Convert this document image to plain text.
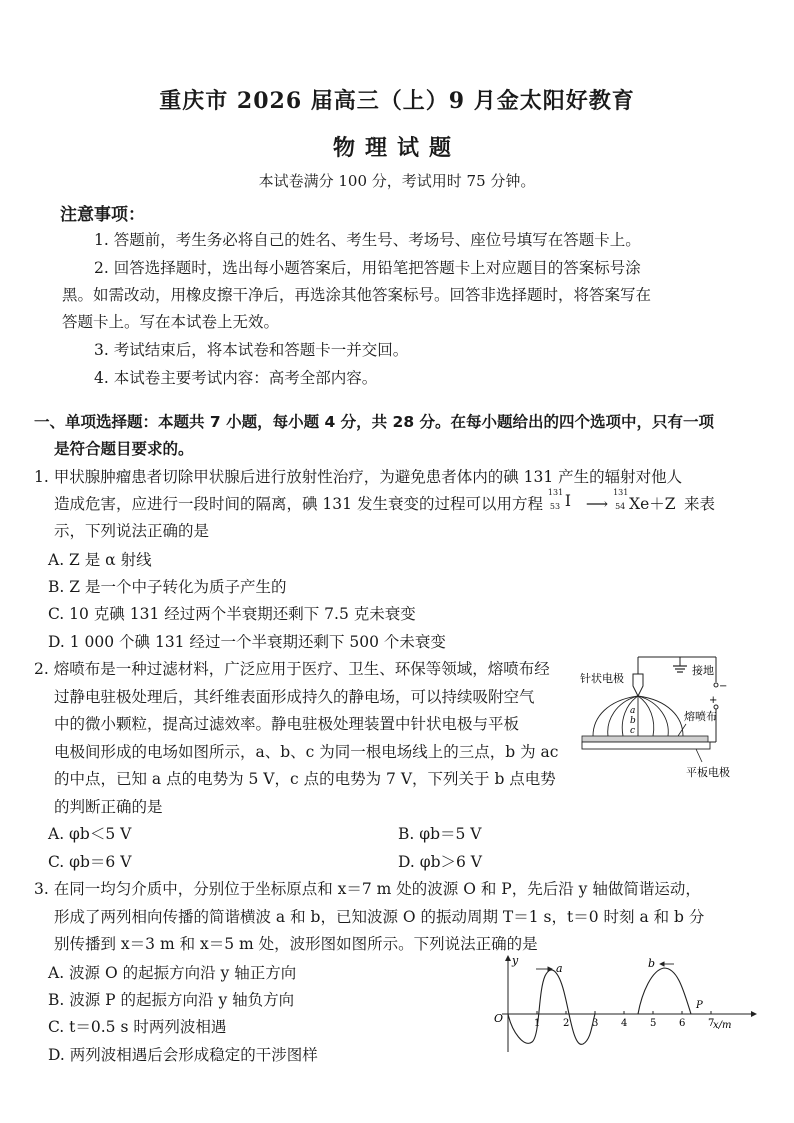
重庆市 2026 届高三（上）9 月金太阳好教育
物理试题
本试卷满分 100 分，考试用时 75 分钟。
注意事项：
1. 答题前，考生务必将自己的姓名、考生号、考场号、座位号填写在答题卡上。
2. 回答选择题时，选出每小题答案后，用铅笔把答题卡上对应题目的答案标号涂
黑。如需改动，用橡皮擦干净后，再选涂其他答案标号。回答非选择题时，将答案写在
答题卡上。写在本试卷上无效。
3. 考试结束后，将本试卷和答题卡一并交回。
4. 本试卷主要考试内容：高考全部内容。
一、单项选择题：本题共 7 小题，每小题 4 分，共 28 分。在每小题给出的四个选项中，只有一项
是符合题目要求的。
1. 甲状腺肿瘤患者切除甲状腺后进行放射性治疗，为避免患者体内的碘 131 产生的辐射对他人
造成危害，应进行一段时间的隔离，碘 131 发生衰变的过程可以用方程
131
53 I ⟶
131
54 Xe＋Z 来表
示，下列说法正确的是
A. Z 是 α 射线
B. Z 是一个中子转化为质子产生的
C. 10 克碘 131 经过两个半衰期还剩下 7.5 克未衰变
D. 1 000 个碘 131 经过一个半衰期还剩下 500 个未衰变
2. 熔喷布是一种过滤材料，广泛应用于医疗、卫生、环保等领域，熔喷布经
过静电驻极处理后，其纤维表面形成持久的静电场，可以持续吸附空气
中的微小颗粒，提高过滤效率。静电驻极处理装置中针状电极与平板
电极间形成的电场如图所示，a、b、c 为同一根电场线上的三点，b 为 ac
的中点，已知 a 点的电势为 5 V，c 点的电势为 7 V，下列关于 b 点电势
的判断正确的是
A. φb＜5 V	B. φb＝5 V
C. φb＝6 V	D. φb＞6 V
接地
−
+
针状电极
a
b
c
熔喷布
平板电极
3. 在同一均匀介质中，分别位于坐标原点和 x＝7 m 处的波源 O 和 P，先后沿 y 轴做简谐运动，
形成了两列相向传播的简谐横波 a 和 b，已知波源 O 的振动周期 T＝1 s，t＝0 时刻 a 和 b 分
别传播到 x＝3 m 和 x＝5 m 处，波形图如图所示。下列说法正确的是
A. 波源 O 的起振方向沿 y 轴正方向
B. 波源 P 的起振方向沿 y 轴负方向
C. t＝0.5 s 时两列波相遇
D. 两列波相遇后会形成稳定的干涉图样
y
x/m
O	1 2 3 4 5 6 7
a	b
P
